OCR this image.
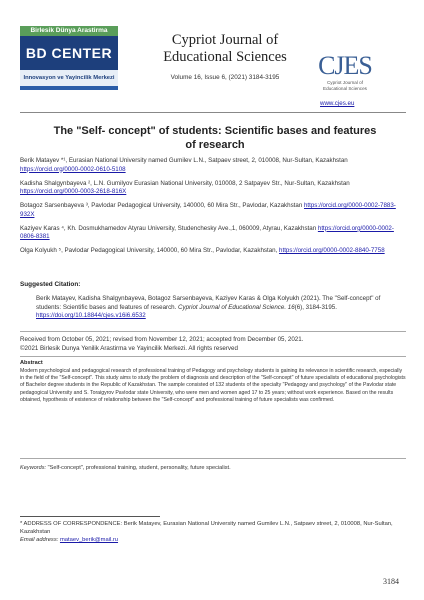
Birlesik Dünya Arastirma
BD CENTER
Innovasyon ve Yayincilik Merkezi
Cypriot Journal of Educational Sciences
Volume 16, Issue 6, (2021) 3184-3195	CJES
Cypriot Journal of Educational Sciences
www.cjes.eu
The "Self- concept" of students: Scientific bases and features of research
Berik Matayev *¹, Eurasian National University named Gumilev L.N., Satpaev street, 2, 010008, Nur-Sultan, Kazakhstan https://orcid.org/0000-0002-0610-5108
Kadisha Shalgynbayeva ², L.N. Gumilyov Eurasian National University, 010008, 2 Satpayev Str., Nur-Sultan, Kazakhstan https://orcid.org/0000-0003-2618-816X
Botagoz Sarsenbayeva ³, Pavlodar Pedagogical University, 140000, 60 Mira Str., Pavlodar, Kazakhstan https://orcid.org/0000-0002-7883-932X
Kaziyev Karas ⁴, Kh. Dosmukhamedov Atyrau University, Studenchesky Ave.,1, 060009, Atyrau, Kazakhstan https://orcid.org/0000-0002-0806-8381
Olga Kolyukh ⁵, Pavlodar Pedagogical University, 140000, 60 Mira Str., Pavlodar, Kazakhstan, https://orcid.org/0000-0002-8840-7758
Suggested Citation:
Berik Matayev, Kadisha Shalgynbayeva, Botagoz Sarsenbayeva, Kaziyev Karas & Olga Kolyukh (2021). The "Self-concept" of students: Scientific bases and features of research. Cypriot Journal of Educational Science. 16(6), 3184-3195. https://doi.org/10.18844/cjes.v16i6.6532
Received from October 05, 2021; revised from November 12, 2021; accepted from December 05, 2021.
©2021 Birlesik Dunya Yenilik Arastirma ve Yayincilik Merkezi. All rights reserved
Abstract
Modern psychological and pedagogical research of professional training of Pedagogy and psychology students is gaining its relevance in scientific research, especially in the field of the "Self-concept". This study aims to study the problem of diagnosis and description of the "Self-concept" of future specialists of educational psychologists of Bachelor degree students in the Republic of Kazakhstan. The sample consisted of 132 students of the specialty "Pedagogy and psychology" of the Pavlodar state pedagogical University and S. Toraigyrov Pavlodar state University, who were men and women aged 17 to 25 years; without work experience. Based on the results obtained, hypothesis of existence of relationship between the "Self-concept" and professional training of future specialists was confirmed.
Keywords: "Self-concept", professional training, student, personality, future specialist.
* ADDRESS OF CORRESPONDENCE: Berik Matayev, Eurasian National University named Gumilev L.N., Satpaev street, 2, 010008, Nur-Sultan, Kazakhstan
Email address: mataev_berik@mail.ru
3184
